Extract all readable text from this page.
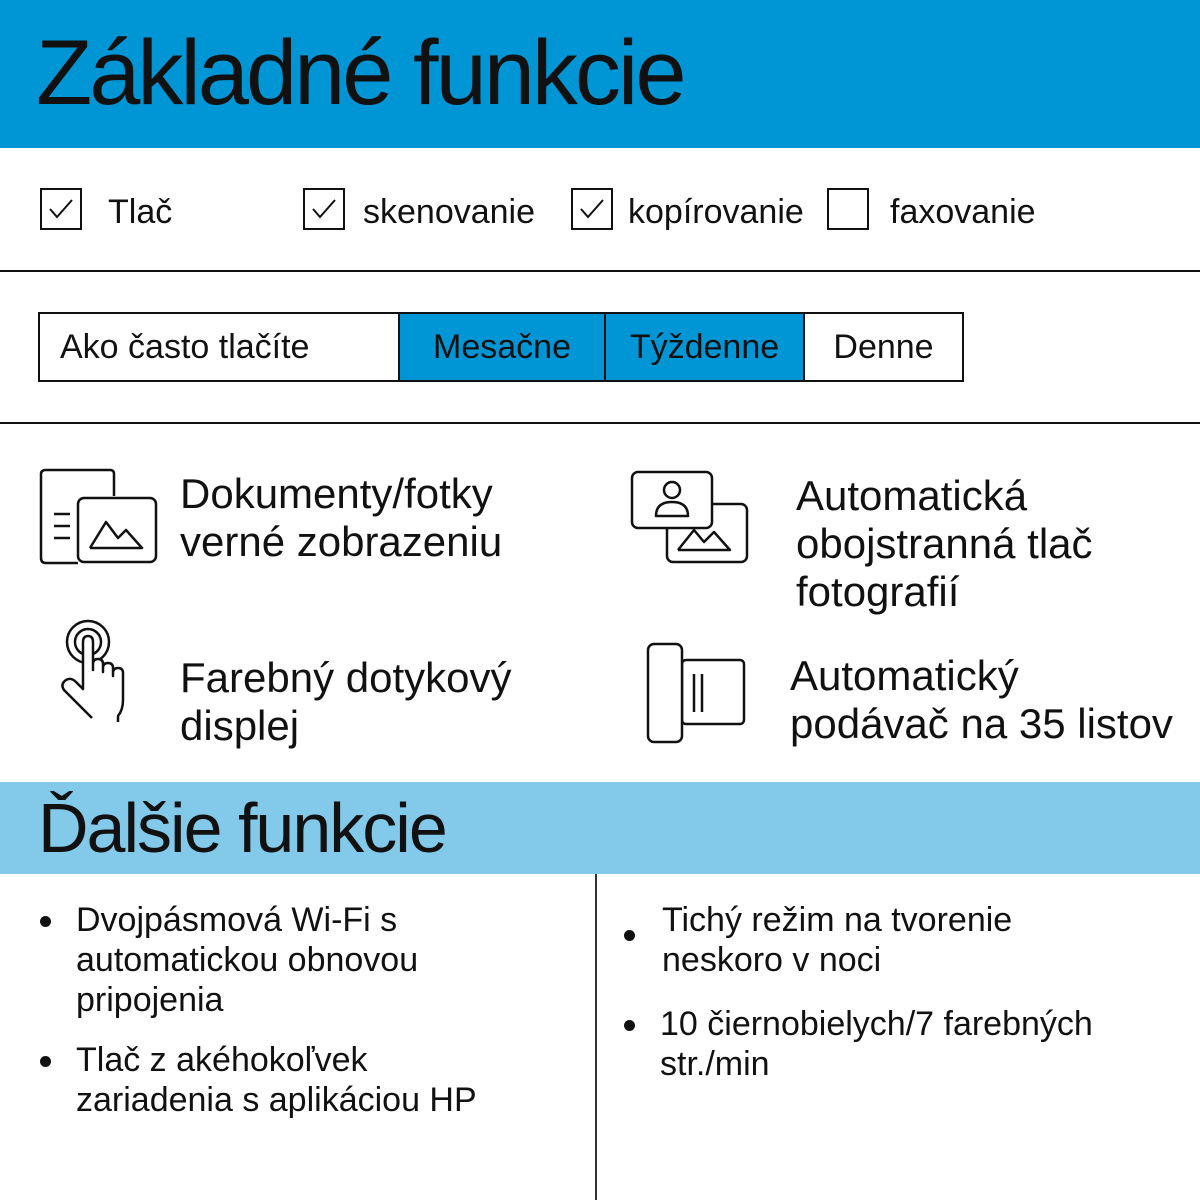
Základné funkcie
Tlač	skenovanie	kopírovanie	faxovanie
Ako často tlačíte	Mesačne	Týždenne	Denne
Dokumenty/fotky
verné zobrazeniu
Automatická
obojstranná tlač
fotografií
Farebný dotykový
displej
Automatický
podávač na 35 listov
Ďalšie funkcie
Dvojpásmová Wi-Fi s
automatickou obnovou
pripojenia
Tlač z akéhokoľvek
zariadenia s aplikáciou HP
Tichý režim na tvorenie
neskoro v noci
10 čiernobielych/7 farebných
str./min
